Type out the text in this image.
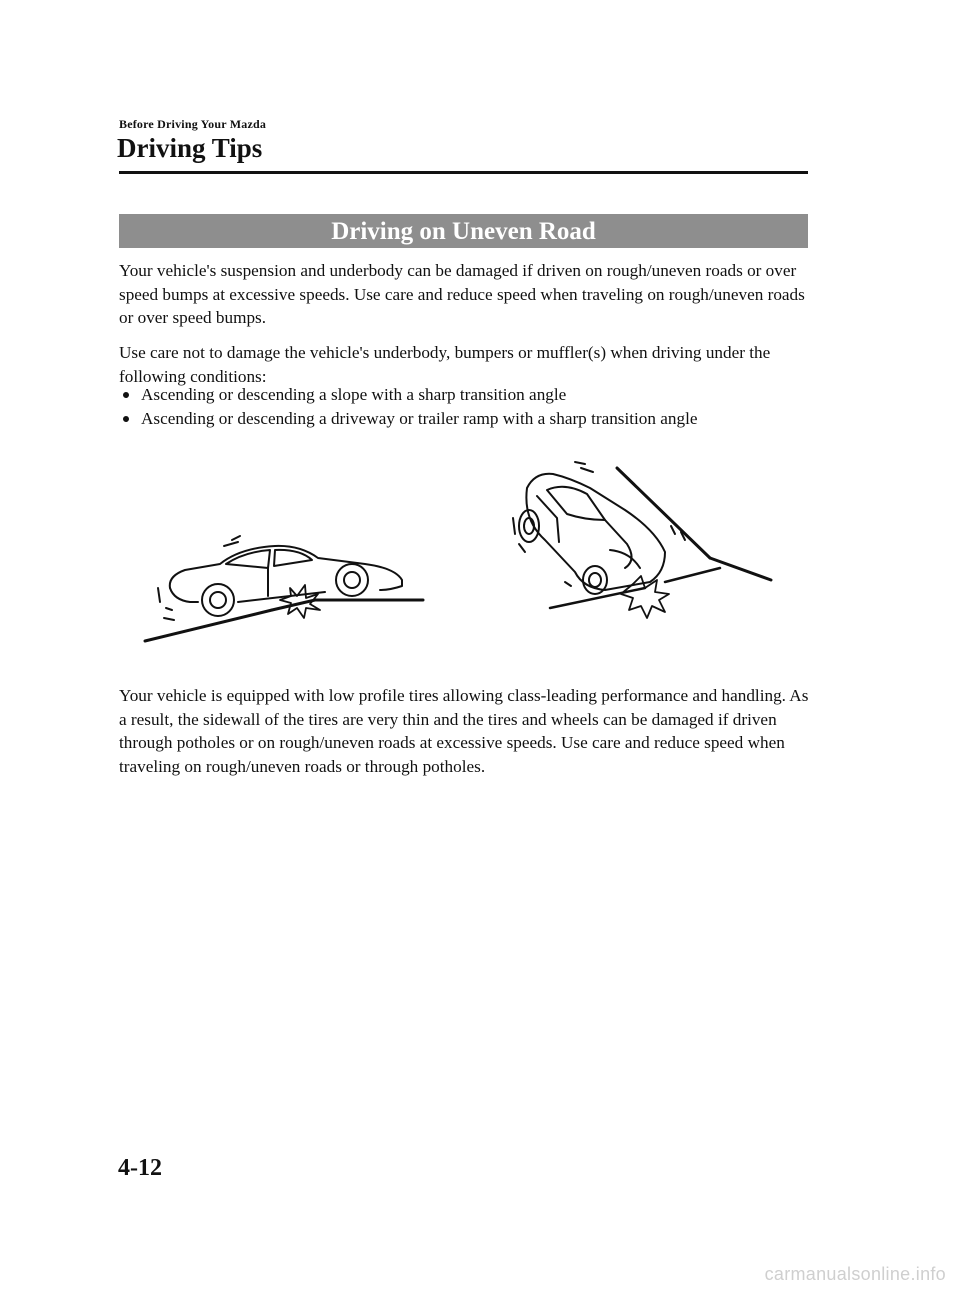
Before Driving Your Mazda
Driving Tips
Driving on Uneven Road

Your vehicle's suspension and underbody can be damaged if driven on rough/uneven roads or over speed bumps at excessive speeds. Use care and reduce speed when traveling on rough/uneven roads or over speed bumps.

Use care not to damage the vehicle's underbody, bumpers or muffler(s) when driving under the following conditions:

Ascending or descending a slope with a sharp transition angle
Ascending or descending a driveway or trailer ramp with a sharp transition angle

Your vehicle is equipped with low profile tires allowing class-leading performance and handling. As a result, the sidewall of the tires are very thin and the tires and wheels can be damaged if driven through potholes or on rough/uneven roads at excessive speeds. Use care and reduce speed when traveling on rough/uneven roads or through potholes.

4-12
carmanualsonline.info
